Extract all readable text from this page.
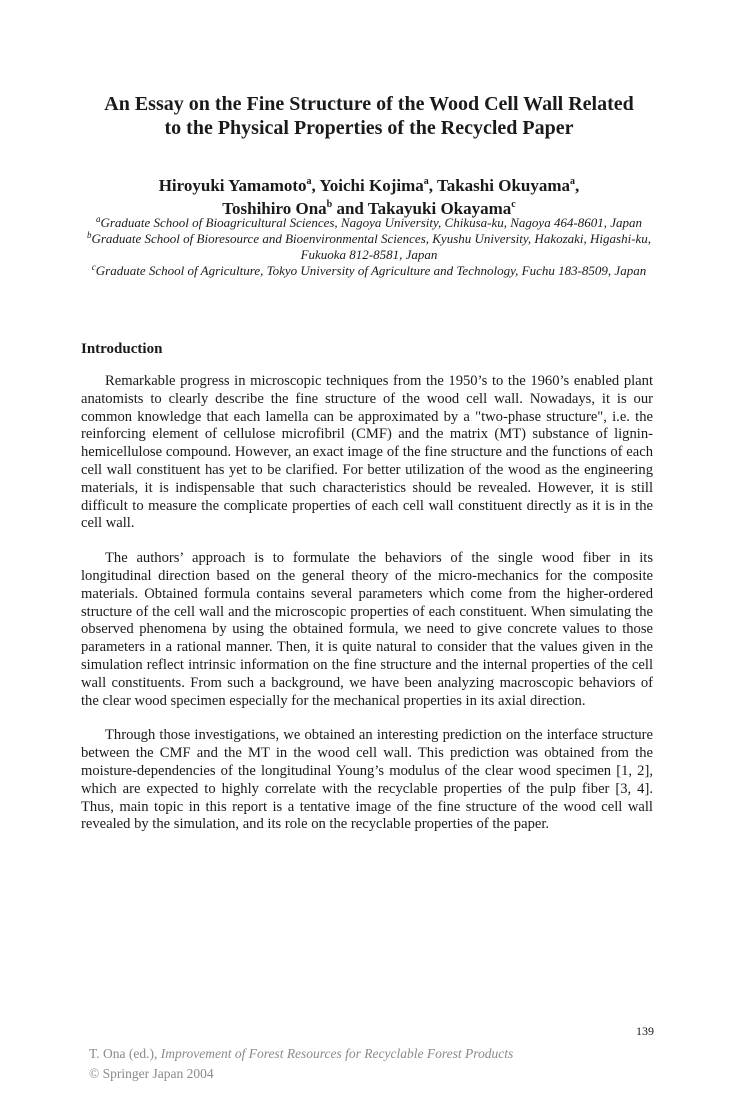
An Essay on the Fine Structure of the Wood Cell Wall Related
to the Physical Properties of the Recycled Paper
Hiroyuki Yamamoto$^a$, Yoichi Kojima$^a$, Takashi Okuyama$^a$,
Toshihiro Ona$^b$ and Takayuki Okayama$^c$
$^a$Graduate School of Bioagricultural Sciences, Nagoya University, Chikusa-ku, Nagoya 464-8601, Japan
$^b$Graduate School of Bioresource and Bioenvironmental Sciences, Kyushu University, Hakozaki, Higashi-ku, Fukuoka 812-8581, Japan
$^c$Graduate School of Agriculture, Tokyo University of Agriculture and Technology, Fuchu 183-8509, Japan
Introduction

Remarkable progress in microscopic techniques from the 1950’s to the 1960’s enabled plant anatomists to clearly describe the fine structure of the wood cell wall. Nowadays, it is our common knowledge that each lamella can be approximated by a "two-phase structure", i.e. the reinforcing element of cellulose microfibril (CMF) and the matrix (MT) substance of lignin-hemicellulose compound. However, an exact image of the fine structure and the functions of each cell wall constituent has yet to be clarified. For better utilization of the wood as the engineering materials, it is indispensable that such characteristics should be revealed. However, it is still difficult to measure the complicate properties of each cell wall constituent directly as it is in the cell wall.

The authors’ approach is to formulate the behaviors of the single wood fiber in its longitudinal direction based on the general theory of the micro-mechanics for the composite materials. Obtained formula contains several parameters which come from the higher-ordered structure of the cell wall and the microscopic properties of each constituent. When simulating the observed phenomena by using the obtained formula, we need to give concrete values to those parameters in a rational manner. Then, it is quite natural to consider that the values given in the simulation reflect intrinsic information on the fine structure and the internal properties of the cell wall constituents. From such a background, we have been analyzing macroscopic behaviors of the clear wood specimen especially for the mechanical properties in its axial direction.

Through those investigations, we obtained an interesting prediction on the interface structure between the CMF and the MT in the wood cell wall. This prediction was obtained from the moisture-dependencies of the longitudinal Young’s modulus of the clear wood specimen [1, 2], which are expected to highly correlate with the recyclable properties of the pulp fiber [3, 4]. Thus, main topic in this report is a tentative image of the fine structure of the wood cell wall revealed by the simulation, and its role on the recyclable properties of the paper.

139
T. Ona (ed.), Improvement of Forest Resources for Recyclable Forest Products
© Springer Japan 2004
